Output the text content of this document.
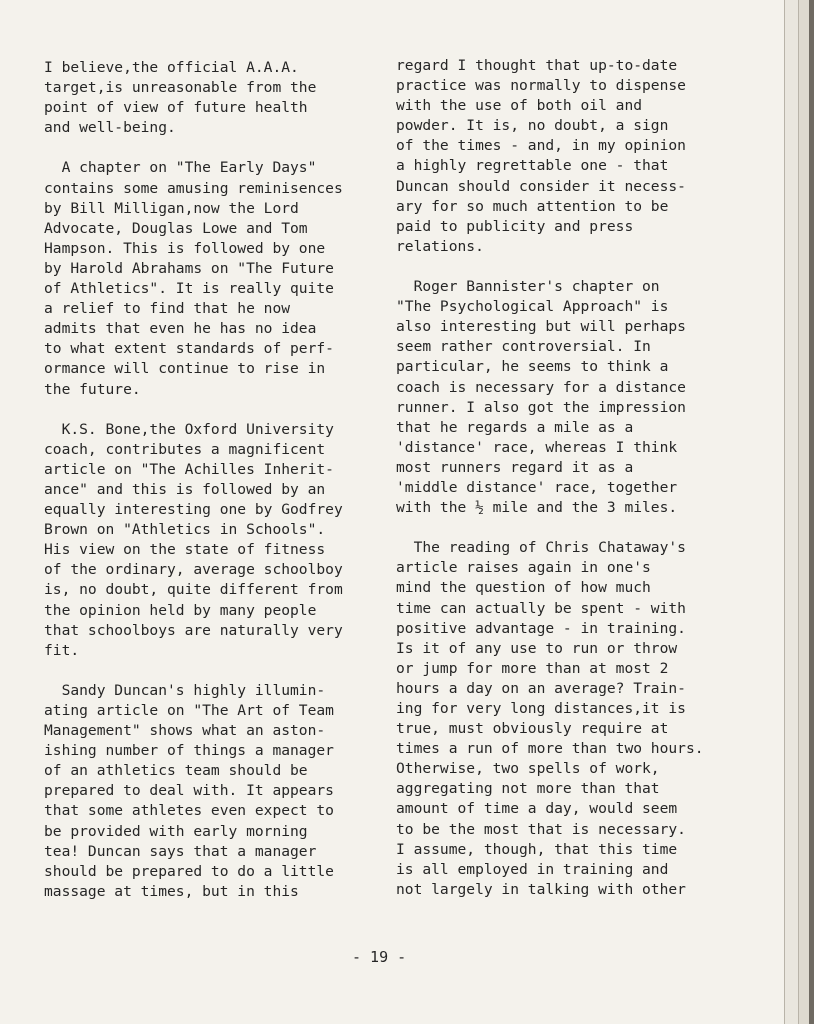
I believe,the official A.A.A.
target,is unreasonable from the
point of view of future health
and well-being.
A chapter on "The Early Days"
contains some amusing reminisences
by Bill Milligan,now the Lord
Advocate, Douglas Lowe and Tom
Hampson. This is followed by one
by Harold Abrahams on "The Future
of Athletics". It is really quite
a relief to find that he now
admits that even he has no idea
to what extent standards of perf-
ormance will continue to rise in
the future.
K.S. Bone,the Oxford University
coach, contributes a magnificent
article on "The Achilles Inherit-
ance" and this is followed by an
equally interesting one by Godfrey
Brown on "Athletics in Schools".
His view on the state of fitness
of the ordinary, average schoolboy
is, no doubt, quite different from
the opinion held by many people
that schoolboys are naturally very
fit.
Sandy Duncan's highly illumin-
ating article on "The Art of Team
Management" shows what an aston-
ishing number of things a manager
of an athletics team should be
prepared to deal with. It appears
that some athletes even expect to
be provided with early morning
tea! Duncan says that a manager
should be prepared to do a little
massage at times, but in this
regard I thought that up-to-date
practice was normally to dispense
with the use of both oil and
powder. It is, no doubt, a sign
of the times - and, in my opinion
a highly regrettable one - that
Duncan should consider it necess-
ary for so much attention to be
paid to publicity and press
relations.
Roger Bannister's chapter on
"The Psychological Approach" is
also interesting but will perhaps
seem rather controversial. In
particular, he seems to think a
coach is necessary for a distance
runner. I also got the impression
that he regards a mile as a
'distance' race, whereas I think
most runners regard it as a
'middle distance' race, together
with the ½ mile and the 3 miles.
The reading of Chris Chataway's
article raises again in one's
mind the question of how much
time can actually be spent - with
positive advantage - in training.
Is it of any use to run or throw
or jump for more than at most 2
hours a day on an average? Train-
ing for very long distances,it is
true, must obviously require at
times a run of more than two hours.
Otherwise, two spells of work,
aggregating not more than that
amount of time a day, would seem
to be the most that is necessary.
I assume, though, that this time
is all employed in training and
not largely in talking with other
- 19 -
